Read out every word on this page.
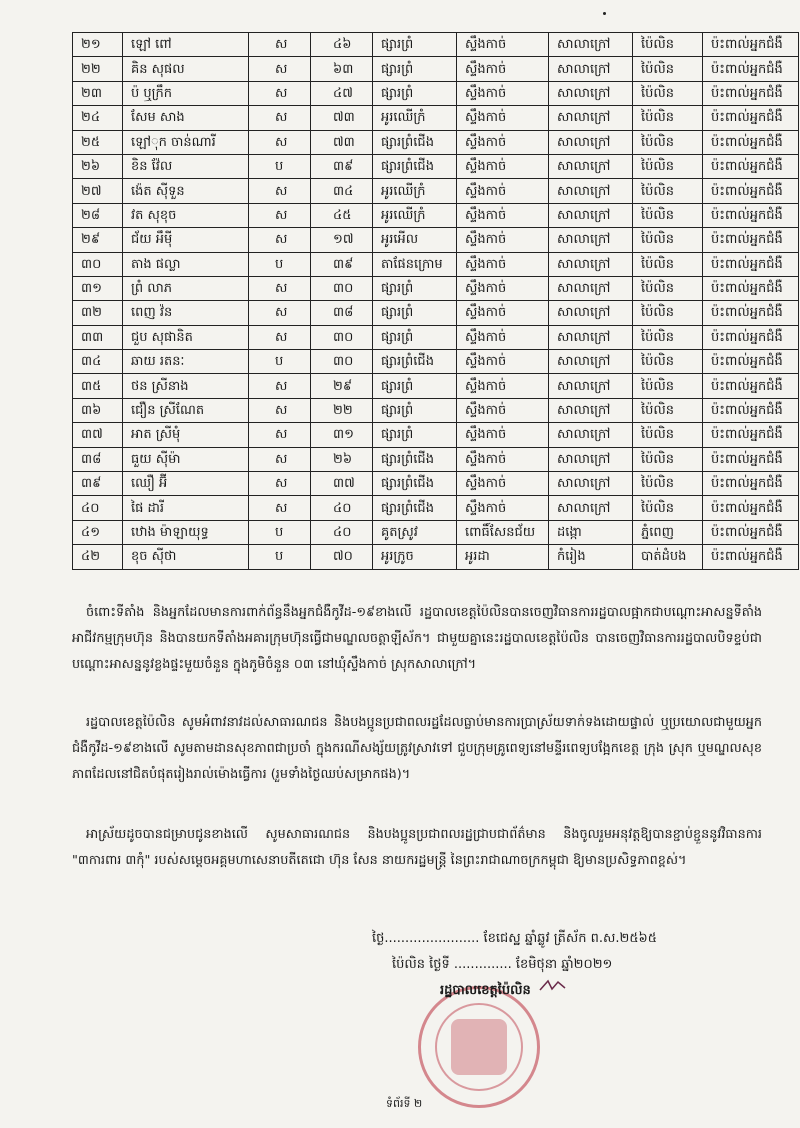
២១	ឡៅ ពៅ	ស	៤៦	ផ្សារព្រំ	ស្ទឹងកាច់	សាលាក្រៅ	ប៉ៃលិន	ប៉ះពាល់អ្នកជំងឺ
២២	គិន សុផល	ស	៦៣	ផ្សារព្រំ	ស្ទឹងកាច់	សាលាក្រៅ	ប៉ៃលិន	ប៉ះពាល់អ្នកជំងឺ
២៣	ប៉ ឬក្រឹក	ស	៤៧	ផ្សារព្រំ	ស្ទឹងកាច់	សាលាក្រៅ	ប៉ៃលិន	ប៉ះពាល់អ្នកជំងឺ
២៤	សែម សាង	ស	៧៣	អូរឈើក្រំ	ស្ទឹងកាច់	សាលាក្រៅ	ប៉ៃលិន	ប៉ះពាល់អ្នកជំងឺ
២៥	ឡៅុក ចាន់ណារី	ស	៧៣	ផ្សារព្រំជើង	ស្ទឹងកាច់	សាលាក្រៅ	ប៉ៃលិន	ប៉ះពាល់អ្នកជំងឺ
២៦	ខិន វ៉ែល	ប	៣៩	ផ្សារព្រំជើង	ស្ទឹងកាច់	សាលាក្រៅ	ប៉ៃលិន	ប៉ះពាល់អ្នកជំងឺ
២៧	ង៉េត ស៊ីទួន	ស	៣៤	អូរឈើក្រំ	ស្ទឹងកាច់	សាលាក្រៅ	ប៉ៃលិន	ប៉ះពាល់អ្នកជំងឺ
២៨	វត សុខុច	ស	៤៥	អូរឈើក្រំ	ស្ទឹងកាច់	សាលាក្រៅ	ប៉ៃលិន	ប៉ះពាល់អ្នកជំងឺ
២៩	ជ័យ អឹមុី	ស	១៧	អូរអើល	ស្ទឹងកាច់	សាលាក្រៅ	ប៉ៃលិន	ប៉ះពាល់អ្នកជំងឺ
៣០	តាង ផល្លា	ប	៣៩	តាផែនក្រោម	ស្ទឹងកាច់	សាលាក្រៅ	ប៉ៃលិន	ប៉ះពាល់អ្នកជំងឺ
៣១	ព្រំ លាភ	ស	៣០	ផ្សារព្រំ	ស្ទឹងកាច់	សាលាក្រៅ	ប៉ៃលិន	ប៉ះពាល់អ្នកជំងឺ
៣២	ពេញ វ៉ន	ស	៣៨	ផ្សារព្រំ	ស្ទឹងកាច់	សាលាក្រៅ	ប៉ៃលិន	ប៉ះពាល់អ្នកជំងឺ
៣៣	ជួប សុផានិត	ស	៣០	ផ្សារព្រំ	ស្ទឹងកាច់	សាលាក្រៅ	ប៉ៃលិន	ប៉ះពាល់អ្នកជំងឺ
៣៤	ឆាយ រតនៈ	ប	៣០	ផ្សារព្រំជើង	ស្ទឹងកាច់	សាលាក្រៅ	ប៉ៃលិន	ប៉ះពាល់អ្នកជំងឺ
៣៥	ថន ស្រីនាង	ស	២៩	ផ្សារព្រំ	ស្ទឹងកាច់	សាលាក្រៅ	ប៉ៃលិន	ប៉ះពាល់អ្នកជំងឺ
៣៦	ជឿន ស្រីណែត	ស	២២	ផ្សារព្រំ	ស្ទឹងកាច់	សាលាក្រៅ	ប៉ៃលិន	ប៉ះពាល់អ្នកជំងឺ
៣៧	អាត ស្រីមុំ	ស	៣១	ផ្សារព្រំ	ស្ទឹងកាច់	សាលាក្រៅ	ប៉ៃលិន	ប៉ះពាល់អ្នកជំងឺ
៣៨	ធួយ ស៊ីម៉ា	ស	២៦	ផ្សារព្រំជើង	ស្ទឹងកាច់	សាលាក្រៅ	ប៉ៃលិន	ប៉ះពាល់អ្នកជំងឺ
៣៩	ឈឿ អ៊ី	ស	៣៧	ផ្សារព្រំជើង	ស្ទឹងកាច់	សាលាក្រៅ	ប៉ៃលិន	ប៉ះពាល់អ្នកជំងឺ
៤០	ផៃ ដារី	ស	៤០	ផ្សារព្រំជើង	ស្ទឹងកាច់	សាលាក្រៅ	ប៉ៃលិន	ប៉ះពាល់អ្នកជំងឺ
៤១	ឋោង ម៉ាឡាយុទ្ធ	ប	៤០	គូតស្រូវ	ពោធិ៍សែនជ័យ	ដង្កោ	ភ្នំពេញ	ប៉ះពាល់អ្នកជំងឺ
៤២	ខុច ស៊ីថា	ប	៧០	អូរក្រូច	អូរដា	កំរៀង	បាត់ដំបង	ប៉ះពាល់អ្នកជំងឺ

ចំពោះទីតាំង និងអ្នកដែលមានការពាក់ព័ន្ធនឹងអ្នកជំងឺកូវីដ-១៩ខាងលើ រដ្ឋបាលខេត្តប៉ៃលិនបានចេញវិធានការរដ្ឋបាលផ្អាកជាបណ្តោះអាសន្នទីតាំងអាជីវកម្មក្រុមហ៊ុន និងបានយកទីតាំងអគារក្រុមហ៊ុនធ្វើជាមណ្ឌលចត្តាឡីស័ក។ ជាមួយគ្នានេះរដ្ឋបាលខេត្តប៉ៃលិន បានចេញវិធានការរដ្ឋបាលបិទខ្ទប់ជាបណ្តោះអាសន្ននូវខ្លងផ្ទះមួយចំនួន ក្នុងភូមិចំនួន ០៣ នៅឃុំស្ទឹងកាច់ ស្រុកសាលាក្រៅ។

រដ្ឋបាលខេត្តប៉ៃលិន សូមអំពាវនាវដល់សាធារណជន និងបងប្អូនប្រជាពលរដ្ឋដែលធ្លាប់មានការប្រាស្រ័យទាក់ទងដោយផ្ទាល់ ឬប្រយោលជាមួយអ្នកជំងឺកូវីដ-១៩ខាងលើ សូមតាមដានសុខភាពជាប្រចាំ ក្នុងករណីសង្ស័យត្រូវស្រាវទៅ ជួបក្រុមគ្រូពេទ្យនៅមន្ទីរពេទ្យបង្អែកខេត្ត ក្រុង ស្រុក ឬមណ្ឌលសុខភាពដែលនៅជិតបំផុតរៀងរាល់ម៉ោងធ្វើការ (រួមទាំងថ្ងៃឈប់សម្រាកផង)។

អាស្រ័យដូចបានជម្រាបជូនខាងលើ សូមសាធារណជន និងបងប្អូនប្រជាពលរដ្ឋជ្រាបជាព័ត៌មាន និងចូលរួមអនុវត្តឱ្យបានខ្ជាប់ខ្ជួននូវវិធានការ "៣ការពារ ៣កុំ" របស់សម្តេចអគ្គមហាសេនាបតីតេជោ ហ៊ុន សែន នាយករដ្ឋមន្ត្រី នៃព្រះរាជាណាចក្រកម្ពុជា ឱ្យមានប្រសិទ្ធភាពខ្ពស់។

ថ្ងៃ....................... ខែជេស្ឋ ឆ្នាំឆ្លូវ ត្រីស័ក ព.ស.២៥៦៥
ប៉ៃលិន ថ្ងៃទី .............. ខែមិថុនា ឆ្នាំ២០២១
រដ្ឋបាលខេត្តប៉ៃលិន
ទំព័រទី ២
